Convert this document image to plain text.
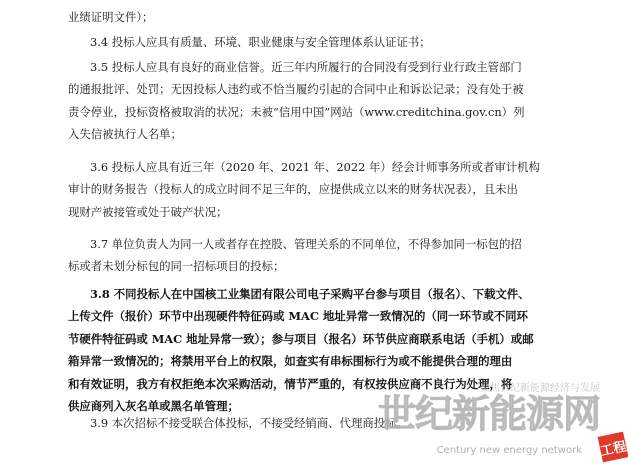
业绩证明文件）；
3.4 投标人应具有质量、环境、职业健康与安全管理体系认证证书；
3.5 投标人应具有良好的商业信誉。近三年内所履行的合同没有受到行业行政主管部门
的通报批评、处罚；无因投标人违约或不恰当履约引起的合同中止和诉讼记录；没有处于被
责令停业，投标资格被取消的状况；未被“信用中国”网站（www.creditchina.gov.cn）列
入失信被执行人名单；
3.6 投标人应具有近三年（2020 年、2021 年、2022 年）经会计师事务所或者审计机构
审计的财务报告（投标人的成立时间不足三年的，应提供成立以来的财务状况表），且未出
现财产被接管或处于破产状况；
3.7 单位负责人为同一人或者存在控股、管理关系的不同单位，不得参加同一标包的招
标或者未划分标包的同一招标项目的投标；
3.8 不同投标人在中国核工业集团有限公司电子采购平台参与项目（报名）、下载文件、
上传文件（报价）环节中出现硬件特征码或 MAC 地址异常一致情况的（同一环节或不同环
节硬件特征码或 MAC 地址异常一致）；参与项目（报名）环节供应商联系电话（手机）或邮
箱异常一致情况的；将禁用平台上的权限，如查实有串标围标行为或不能提供合理的理由
和有效证明，我方有权拒绝本次采购活动，情节严重的，有权按供应商不良行为处理，将
供应商列入灰名单或黑名单管理；
3.9 本次招标不接受联合体投标，不接受经销商、代理商投标。
聚焦世纪新能源经济与发展
世纪新能源网
Century new energy network 工程
